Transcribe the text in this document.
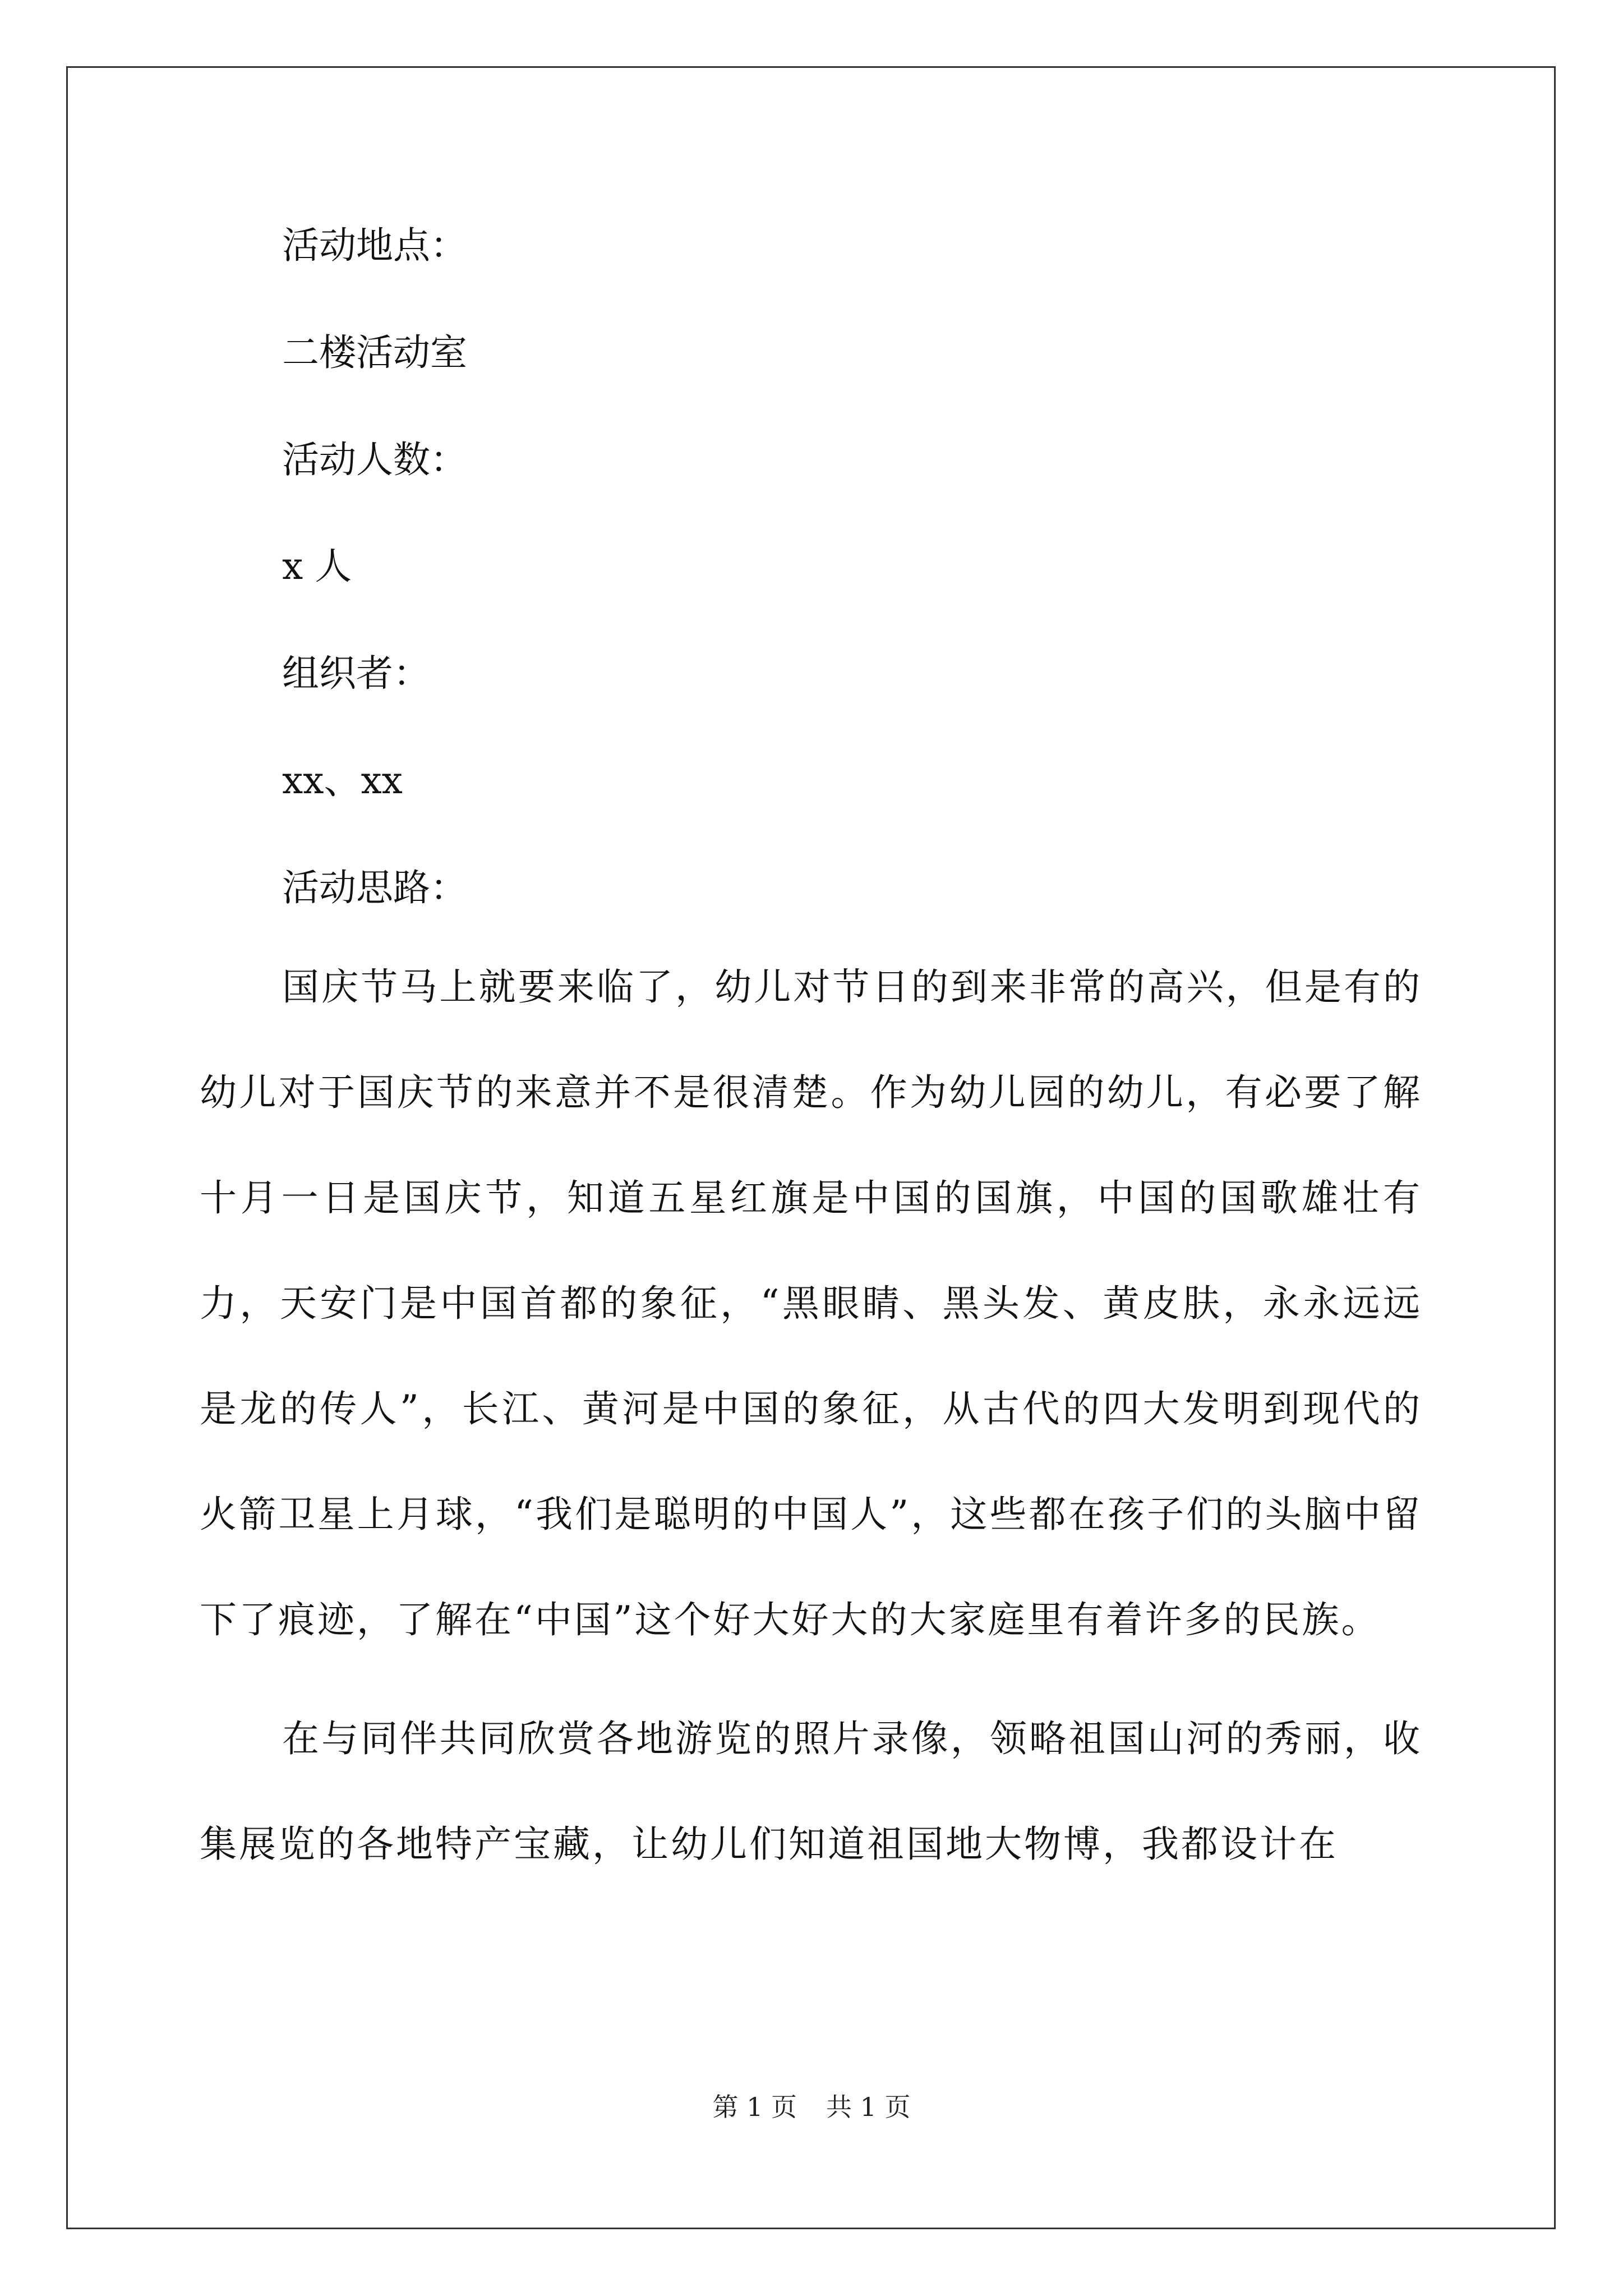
活动地点：

二楼活动室

活动人数：

x 人

组织者：

xx、xx

活动思路：

国庆节马上就要来临了，幼儿对节日的到来非常的高兴，但是有的幼儿对于国庆节的来意并不是很清楚。作为幼儿园的幼儿，有必要了解十月一日是国庆节，知道五星红旗是中国的国旗，中国的国歌雄壮有力，天安门是中国首都的象征，“黑眼睛、黑头发、黄皮肤，永永远远是龙的传人”，长江、黄河是中国的象征，从古代的四大发明到现代的火箭卫星上月球，“我们是聪明的中国人”，这些都在孩子们的头脑中留下了痕迹，了解在“中国”这个好大好大的大家庭里有着许多的民族。

在与同伴共同欣赏各地游览的照片录像，领略祖国山河的秀丽，收集展览的各地特产宝藏，让幼儿们知道祖国地大物博，我都设计在

第 1 页 共 1 页
